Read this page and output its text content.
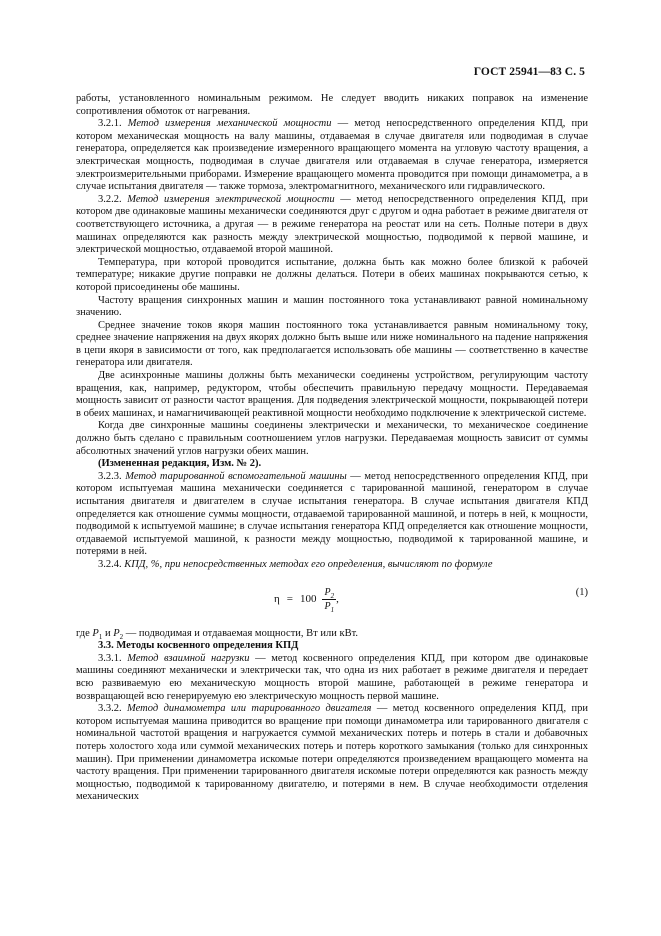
ГОСТ 25941—83 С. 5

работы, установленного номинальным режимом. Не следует вводить никаких поправок на изменение сопротивления обмоток от нагревания.

3.2.1. Метод измерения механической мощности — метод непосредственного определения КПД, при котором механическая мощность на валу машины, отдаваемая в случае двигателя или подводимая в случае генератора, определяется как произведение измеренного вращающего момента на угловую частоту вращения, а электрическая мощность, подводимая в случае двигателя или отдаваемая в случае генератора, измеряется электроизмерительными приборами. Измерение вращающего момента проводится при помощи динамометра, а в случае испытания двигателя — также тормоза, электромагнитного, механического или гидравлического.

3.2.2. Метод измерения электрической мощности — метод непосредственного определения КПД, при котором две одинаковые машины механически соединяются друг с другом и одна работает в режиме двигателя от соответствующего источника, а другая — в режиме генератора на реостат или на сеть. Полные потери в двух машинах определяются как разность между электрической мощностью, подводимой к первой машине, и электрической мощностью, отдаваемой второй машиной.

Температура, при которой проводится испытание, должна быть как можно более близкой к рабочей температуре; никакие другие поправки не должны делаться. Потери в обеих машинах покрываются сетью, к которой присоединены обе машины.

Частоту вращения синхронных машин и машин постоянного тока устанавливают равной номинальному значению.

Среднее значение токов якоря машин постоянного тока устанавливается равным номинальному току, среднее значение напряжения на двух якорях должно быть выше или ниже номинального на падение напряжения в цепи якоря в зависимости от того, как предполагается использовать обе машины — соответственно в качестве генератора или двигателя.

Две асинхронные машины должны быть механически соединены устройством, регулирующим частоту вращения, как, например, редуктором, чтобы обеспечить правильную передачу мощности. Передаваемая мощность зависит от разности частот вращения. Для подведения электрической мощности, покрывающей потери в обеих машинах, и намагничивающей реактивной мощности необходимо подключение к электрической системе.

Когда две синхронные машины соединены электрически и механически, то механическое соединение должно быть сделано с правильным соотношением углов нагрузки. Передаваемая мощность зависит от суммы абсолютных значений углов нагрузки обеих машин.

(Измененная редакция, Изм. № 2).

3.2.3. Метод тарированной вспомогательной машины — метод непосредственного определения КПД, при котором испытуемая машина механически соединяется с тарированной машиной, генератором в случае испытания двигателя и двигателем в случае испытания генератора. В случае испытания двигателя КПД определяется как отношение суммы мощности, отдаваемой тарированной машиной, и потерь в ней, к мощности, подводимой к испытуемой машине; в случае испытания генератора КПД определяется как отношение мощности, отдаваемой испытуемой машиной, к разности между мощностью, подводимой к тарированной машине, и потерями в ней.

3.2.4. КПД, %, при непосредственных методах его определения, вычисляют по формуле

$\eta = 100 \frac{P_2}{P_1}$ ,
(1)

где $P_1$ и $P_2$ — подводимая и отдаваемая мощности, Вт или кВт.

3.3. Методы косвенного определения КПД

3.3.1. Метод взаимной нагрузки — метод косвенного определения КПД, при котором две одинаковые машины соединяют механически и электрически так, что одна из них работает в режиме двигателя и передает всю развиваемую ею механическую мощность второй машине, работающей в режиме генератора и возвращающей всю генерируемую ею электрическую мощность первой машине.

3.3.2. Метод динамометра или тарированного двигателя — метод косвенного определения КПД, при котором испытуемая машина приводится во вращение при помощи динамометра или тарированного двигателя с номинальной частотой вращения и нагружается суммой механических потерь и потерь в стали и добавочных потерь холостого хода или суммой механических потерь и потерь короткого замыкания (только для синхронных машин). При применении динамометра искомые потери определяются произведением вращающего момента на частоту вращения. При применении тарированного двигателя искомые потери определяются как разность между мощностью, подводимой к тарированному двигателю, и потерями в нем. В случае необходимости отделения механических
